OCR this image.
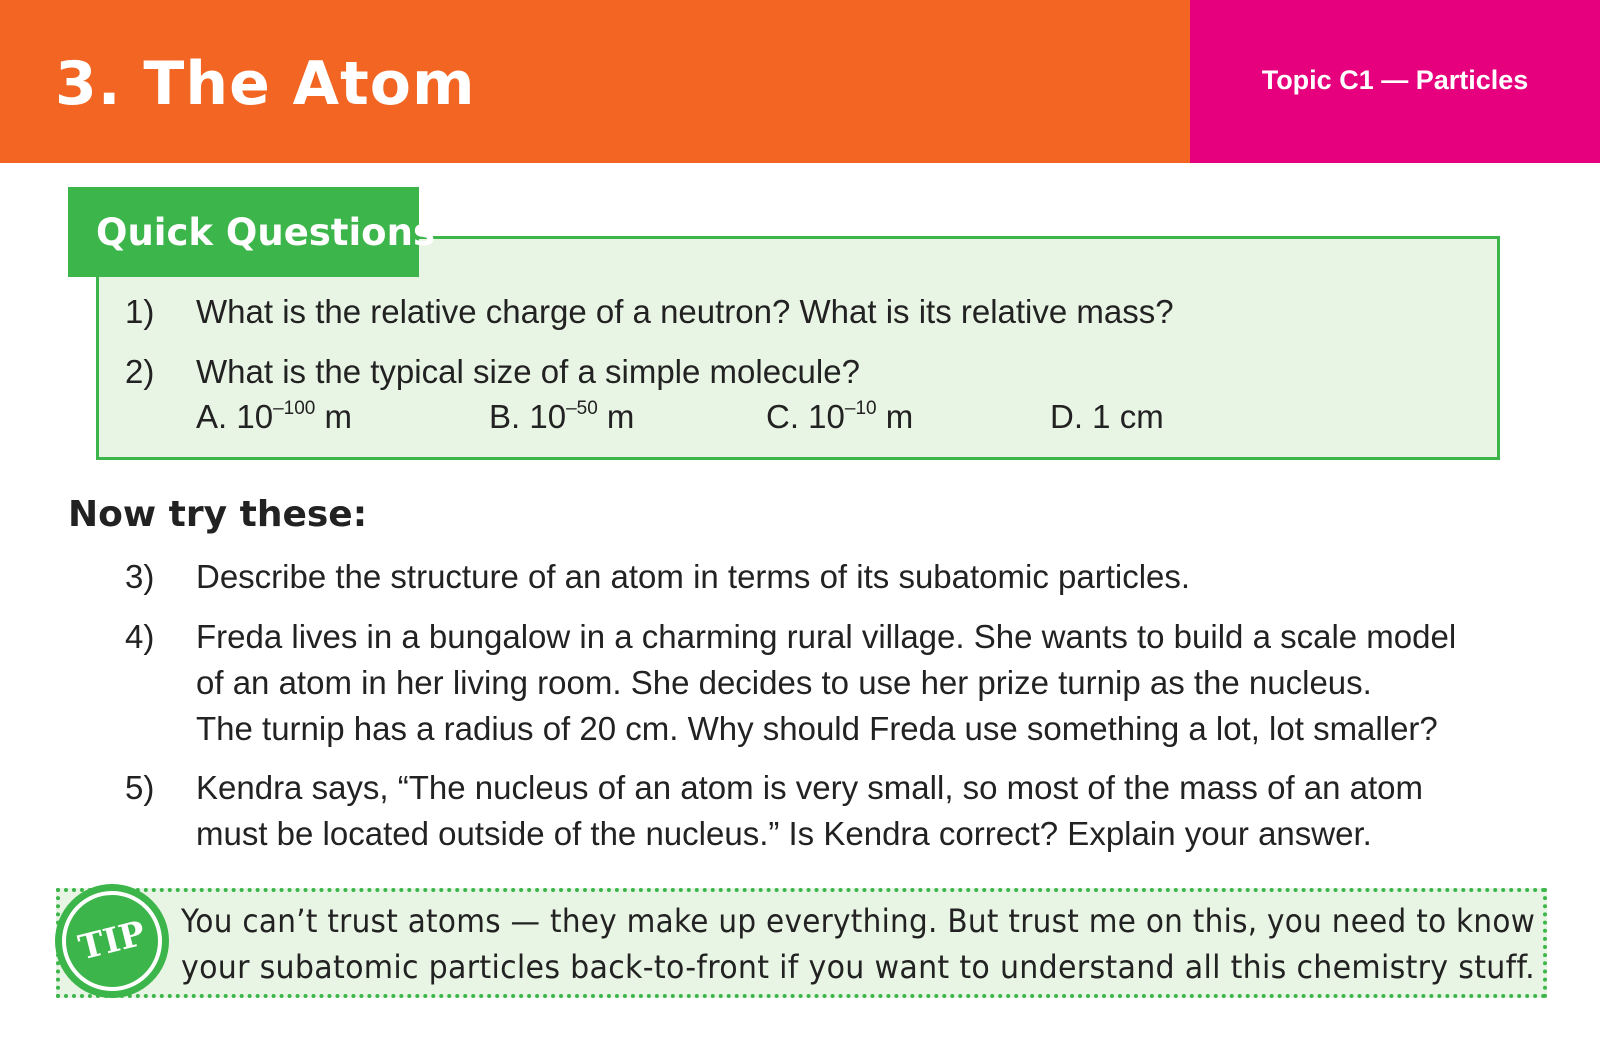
3. The Atom	Topic C1 — Particles
Quick Questions
1) What is the relative charge of a neutron? What is its relative mass?
2) What is the typical size of a simple molecule?
A. $10^{-100}$ m	B. $10^{-50}$ m	C. $10^{-10}$ m	D. 1 cm
Now try these:
3) Describe the structure of an atom in terms of its subatomic particles.
4) Freda lives in a bungalow in a charming rural village. She wants to build a scale model
of an atom in her living room. She decides to use her prize turnip as the nucleus.
The turnip has a radius of 20 cm. Why should Freda use something a lot, lot smaller?
5) Kendra says, “The nucleus of an atom is very small, so most of the mass of an atom
must be located outside of the nucleus.” Is Kendra correct? Explain your answer.
TIP You can’t trust atoms — they make up everything. But trust me on this, you need to know
your subatomic particles back-to-front if you want to understand all this chemistry stuff.
